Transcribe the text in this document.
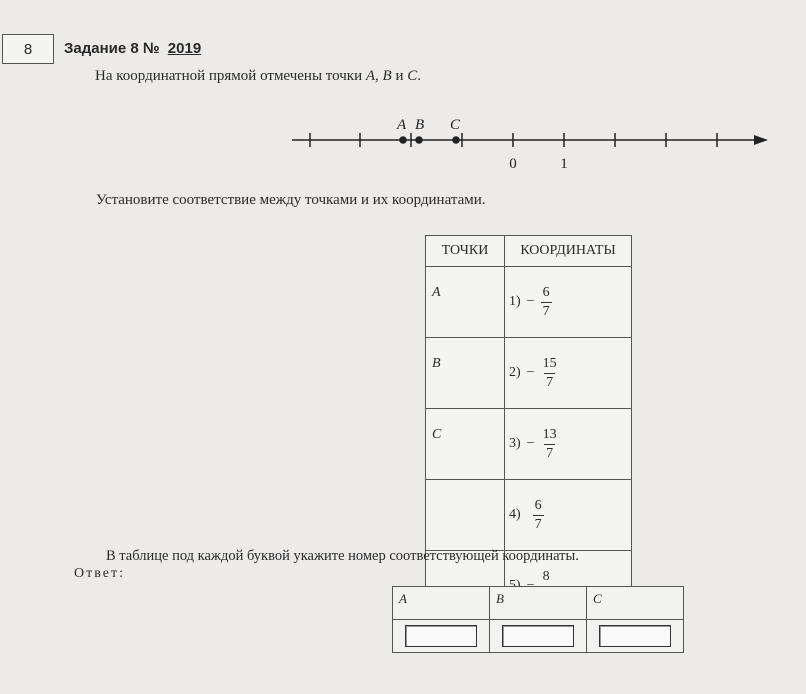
8 Задание 8 № 2019
На координатной прямой отмечены точки A, B и C.
A B C
0	1
Установите соответствие между точками и их координатами.
ТОЧКИ	КООРДИНАТЫ
A	$1) - \frac{6}{7}$

B	$2) - \frac{15}{7}$

C	$3) - \frac{13}{7}$

	$4) \frac{6}{7}$

	8
В таблице под каждой буквой укажите номер соответствующей координаты.
Ответ:
A	B	C
